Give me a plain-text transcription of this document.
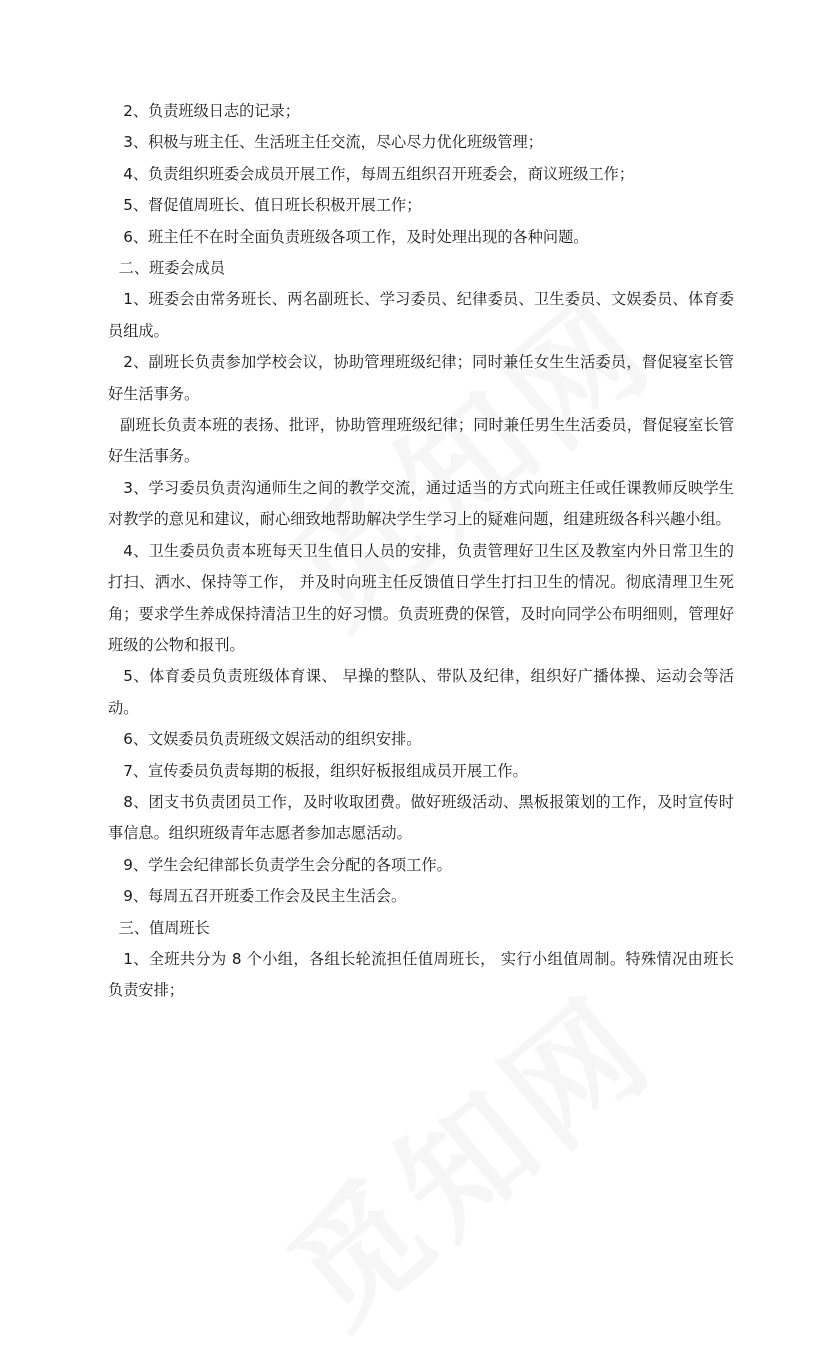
2、负责班级日志的记录；

3、积极与班主任、生活班主任交流，尽心尽力优化班级管理；

4、负责组织班委会成员开展工作，每周五组织召开班委会，商议班级工作；

5、督促值周班长、值日班长积极开展工作；

6、班主任不在时全面负责班级各项工作，及时处理出现的各种问题。

二、班委会成员

1、班委会由常务班长、两名副班长、学习委员、纪律委员、卫生委员、文娱委员、体育委员组成。

2、副班长负责参加学校会议，协助管理班级纪律；同时兼任女生生活委员，督促寝室长管好生活事务。

副班长负责本班的表扬、批评，协助管理班级纪律；同时兼任男生生活委员，督促寝室长管好生活事务。

3、学习委员负责沟通师生之间的教学交流，通过适当的方式向班主任或任课教师反映学生对教学的意见和建议，耐心细致地帮助解决学生学习上的疑难问题，组建班级各科兴趣小组。

4、卫生委员负责本班每天卫生值日人员的安排，负责管理好卫生区及教室内外日常卫生的打扫、洒水、保持等工作， 并及时向班主任反馈值日学生打扫卫生的情况。彻底清理卫生死角；要求学生养成保持清洁卫生的好习惯。负责班费的保管，及时向同学公布明细则，管理好班级的公物和报刊。

5、体育委员负责班级体育课、 早操的整队、带队及纪律，组织好广播体操、运动会等活动。

6、文娱委员负责班级文娱活动的组织安排。

7、宣传委员负责每期的板报，组织好板报组成员开展工作。

8、团支书负责团员工作，及时收取团费。做好班级活动、黑板报策划的工作，及时宣传时事信息。组织班级青年志愿者参加志愿活动。

9、学生会纪律部长负责学生会分配的各项工作。

9、每周五召开班委工作会及民主生活会。

三、值周班长

1、全班共分为 8 个小组，各组长轮流担任值周班长， 实行小组值周制。特殊情况由班长负责安排；
